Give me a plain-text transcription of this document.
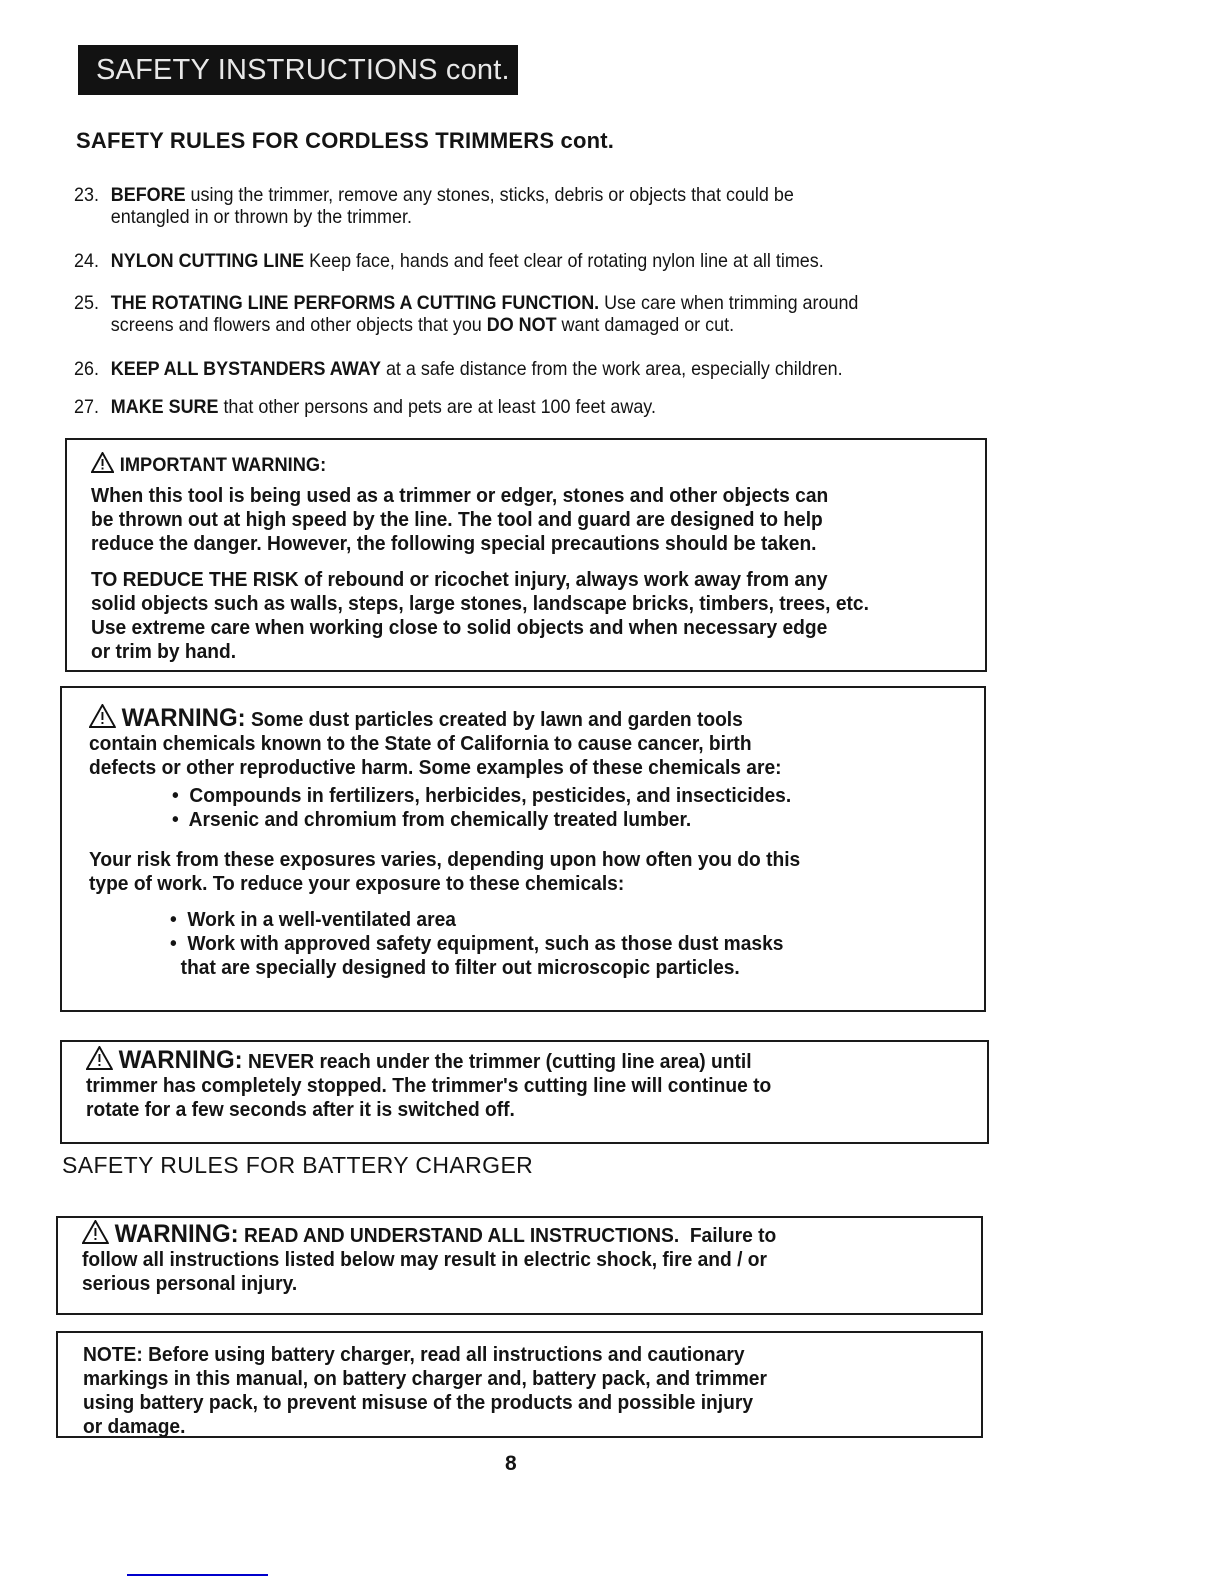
SAFETY INSTRUCTIONS cont.
SAFETY RULES FOR CORDLESS TRIMMERS cont.
23. BEFORE using the trimmer, remove any stones, sticks, debris or objects that could be
entangled in or thrown by the trimmer.
24. NYLON CUTTING LINE Keep face, hands and feet clear of rotating nylon line at all times.
25. THE ROTATING LINE PERFORMS A CUTTING FUNCTION. Use care when trimming around
screens and flowers and other objects that you DO NOT want damaged or cut.
26. KEEP ALL BYSTANDERS AWAY at a safe distance from the work area, especially children.
27. MAKE SURE that other persons and pets are at least 100 feet away.
IMPORTANT WARNING:
When this tool is being used as a trimmer or edger, stones and other objects can
be thrown out at high speed by the line. The tool and guard are designed to help
reduce the danger. However, the following special precautions should be taken.
TO REDUCE THE RISK of rebound or ricochet injury, always work away from any
solid objects such as walls, steps, large stones, landscape bricks, timbers, trees, etc.
Use extreme care when working close to solid objects and when necessary edge
or trim by hand.
WARNING: Some dust particles created by lawn and garden tools
contain chemicals known to the State of California to cause cancer, birth
defects or other reproductive harm. Some examples of these chemicals are:
•  Compounds in fertilizers, herbicides, pesticides, and insecticides.
•  Arsenic and chromium from chemically treated lumber.
Your risk from these exposures varies, depending upon how often you do this
type of work. To reduce your exposure to these chemicals:
•  Work in a well-ventilated area
•  Work with approved safety equipment, such as those dust masks
that are specially designed to filter out microscopic particles.
WARNING: NEVER reach under the trimmer (cutting line area) until
trimmer has completely stopped. The trimmer's cutting line will continue to
rotate for a few seconds after it is switched off.
SAFETY RULES FOR BATTERY CHARGER
WARNING: READ AND UNDERSTAND ALL INSTRUCTIONS.  Failure to
follow all instructions listed below may result in electric shock, fire and / or
serious personal injury.
NOTE: Before using battery charger, read all instructions and cautionary
markings in this manual, on battery charger and, battery pack, and trimmer
using battery pack, to prevent misuse of the products and possible injury
or damage.
8
